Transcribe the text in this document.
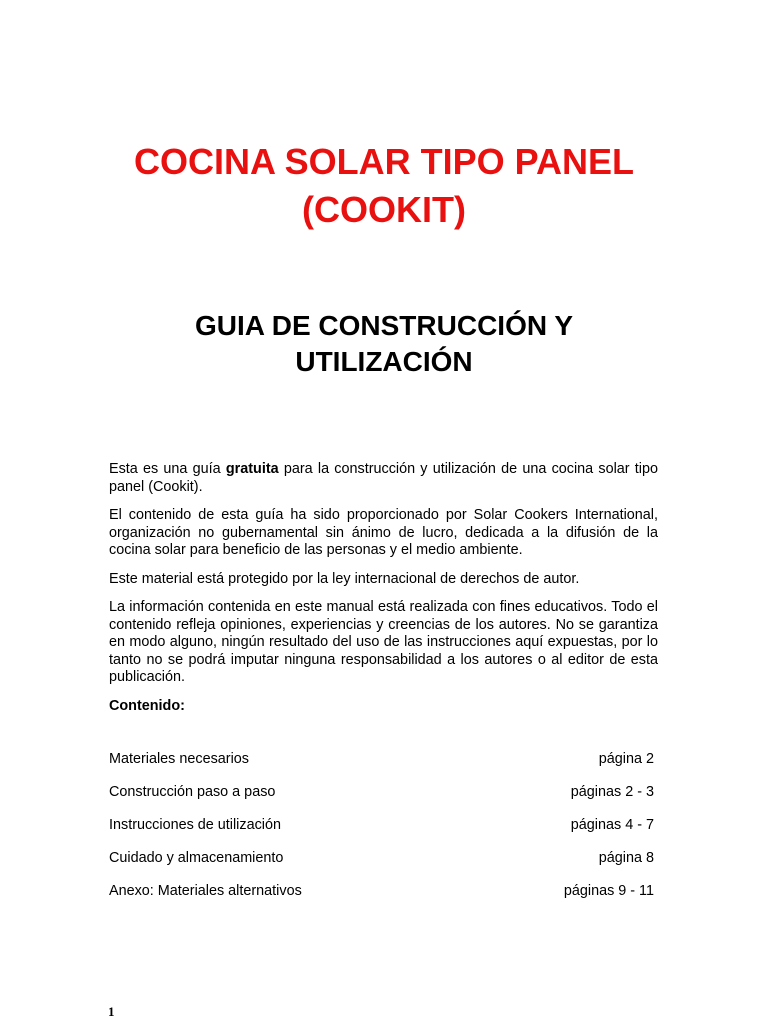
COCINA SOLAR TIPO PANEL
(COOKIT)
GUIA DE CONSTRUCCIÓN Y
UTILIZACIÓN

Esta es una guía gratuita para la construcción y utilización de una cocina solar tipo panel (Cookit).

El contenido de esta guía ha sido proporcionado por Solar Cookers International, organización no gubernamental sin ánimo de lucro, dedicada a la difusión de la cocina solar para beneficio de las personas y el medio ambiente.

Este material está protegido por la ley internacional de derechos de autor.

La información contenida en este manual está realizada con fines educativos. Todo el contenido refleja opiniones, experiencias y creencias de los autores. No se garantiza en modo alguno, ningún resultado del uso de las instrucciones aquí expuestas, por lo tanto no se podrá imputar ninguna responsabilidad a los autores o al editor de esta publicación.

Contenido:

Materiales necesarios	página 2
Construcción paso a paso	páginas 2 - 3
Instrucciones de utilización	páginas 4 - 7
Cuidado y almacenamiento	página 8
Anexo: Materiales alternativos	páginas 9 - 11
1
